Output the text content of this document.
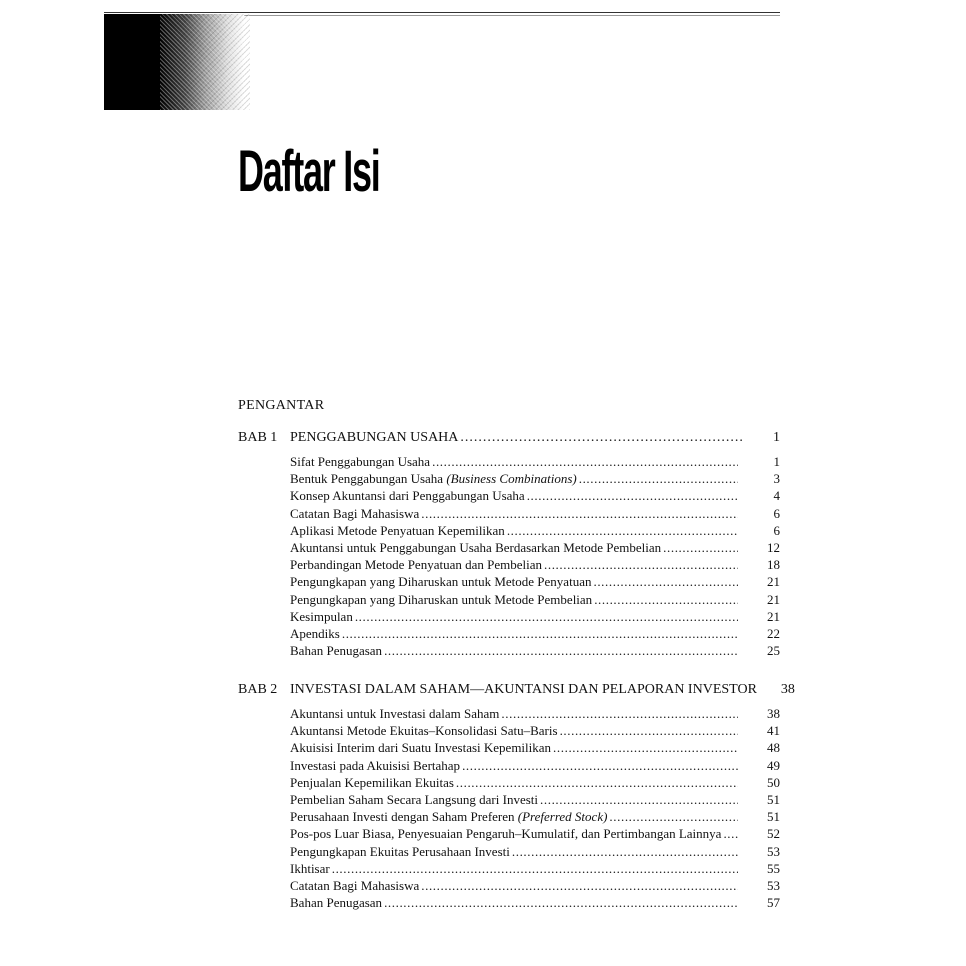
Daftar Isi
PENGANTAR
BAB 1 PENGGABUNGAN USAHA .....	1
Sifat Penggabungan Usaha .....	1
Bentuk Penggabungan Usaha (Business Combinations) .....	3
Konsep Akuntansi dari Penggabungan Usaha .....	4
Catatan Bagi Mahasiswa .....	6
Aplikasi Metode Penyatuan Kepemilikan .....	6
Akuntansi untuk Penggabungan Usaha Berdasarkan Metode Pembelian .....	12
Perbandingan Metode Penyatuan dan Pembelian .....	18
Pengungkapan yang Diharuskan untuk Metode Penyatuan .....	21
Pengungkapan yang Diharuskan untuk Metode Pembelian .....	21
Kesimpulan .....	21
Apendiks .....	22
Bahan Penugasan .....	25
BAB 2 INVESTASI DALAM SAHAM—AKUNTANSI DAN PELAPORAN INVESTOR	38
Akuntansi untuk Investasi dalam Saham .....	38
Akuntansi Metode Ekuitas–Konsolidasi Satu–Baris .....	41
Akuisisi Interim dari Suatu Investasi Kepemilikan .....	48
Investasi pada Akuisisi Bertahap .....	49
Penjualan Kepemilikan Ekuitas .....	50
Pembelian Saham Secara Langsung dari Investi .....	51
Perusahaan Investi dengan Saham Preferen (Preferred Stock) .....	51
Pos-pos Luar Biasa, Penyesuaian Pengaruh–Kumulatif, dan Pertimbangan Lainnya .....	52
Pengungkapan Ekuitas Perusahaan Investi .....	53
Ikhtisar .....	55
Catatan Bagi Mahasiswa .....	53
Bahan Penugasan .....	57
